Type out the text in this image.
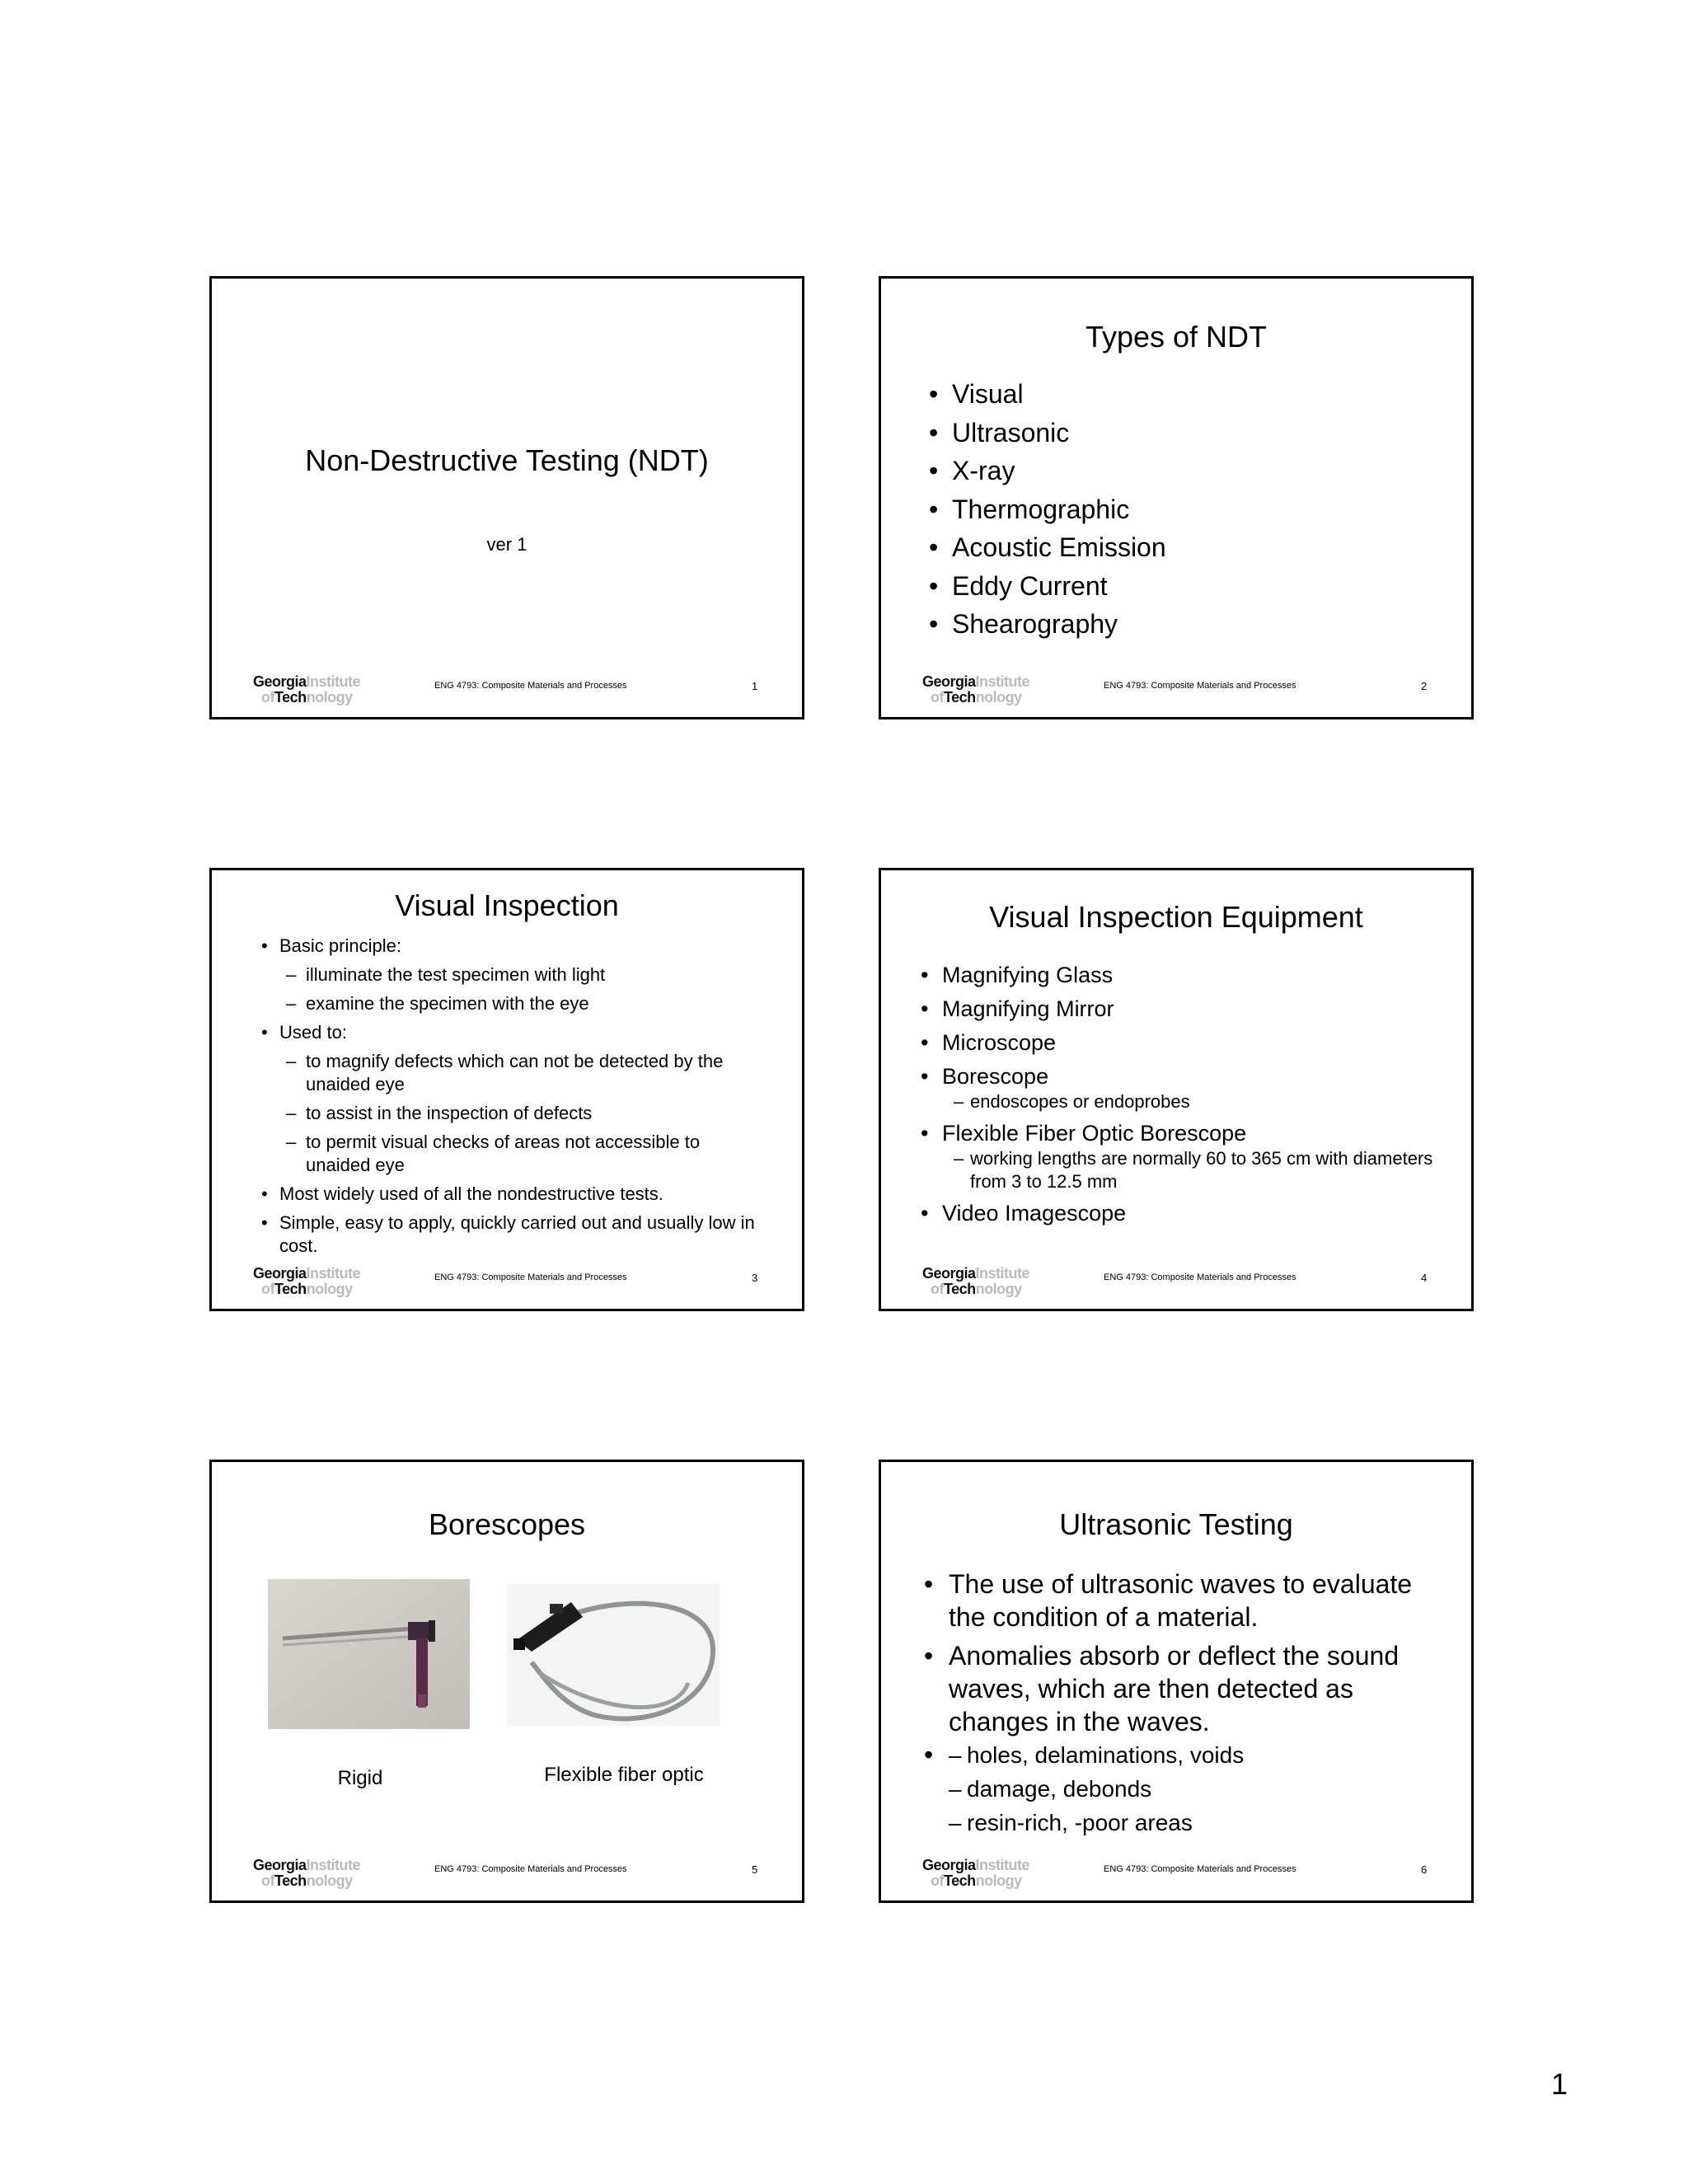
Non-Destructive Testing (NDT)
ver 1
GeorgiaInstitute
ofTechnology
ENG 4793: Composite Materials and Processes	1
Types of NDT
• Visual
• Ultrasonic
• X-ray
• Thermographic
• Acoustic Emission
• Eddy Current
• Shearography
GeorgiaInstitute
ofTechnology
ENG 4793: Composite Materials and Processes	2
Visual Inspection
• Basic principle:
– illuminate the test specimen with light
– examine the specimen with the eye
• Used to:
– to magnify defects which can not be detected by the unaided eye
– to assist in the inspection of defects
– to permit visual checks of areas not accessible to unaided eye
• Most widely used of all the nondestructive tests.
• Simple, easy to apply, quickly carried out and usually low in cost.
GeorgiaInstitute
ofTechnology
ENG 4793: Composite Materials and Processes	3
Visual Inspection Equipment
• Magnifying Glass
• Magnifying Mirror
• Microscope
• Borescope
– endoscopes or endoprobes
• Flexible Fiber Optic Borescope
– working lengths are normally 60 to 365 cm with diameters from 3 to 12.5 mm
• Video Imagescope
GeorgiaInstitute
ofTechnology
ENG 4793: Composite Materials and Processes	4
Borescopes
Rigid	Flexible fiber optic
GeorgiaInstitute
ofTechnology
ENG 4793: Composite Materials and Processes	5
Ultrasonic Testing
• The use of ultrasonic waves to evaluate the condition of a material.
• Anomalies absorb or deflect the sound waves, which are then detected as changes in the waves.
– • holes, delaminations, voids
– damage, debonds
– resin-rich, -poor areas
GeorgiaInstitute
ofTechnology
ENG 4793: Composite Materials and Processes	6
1
